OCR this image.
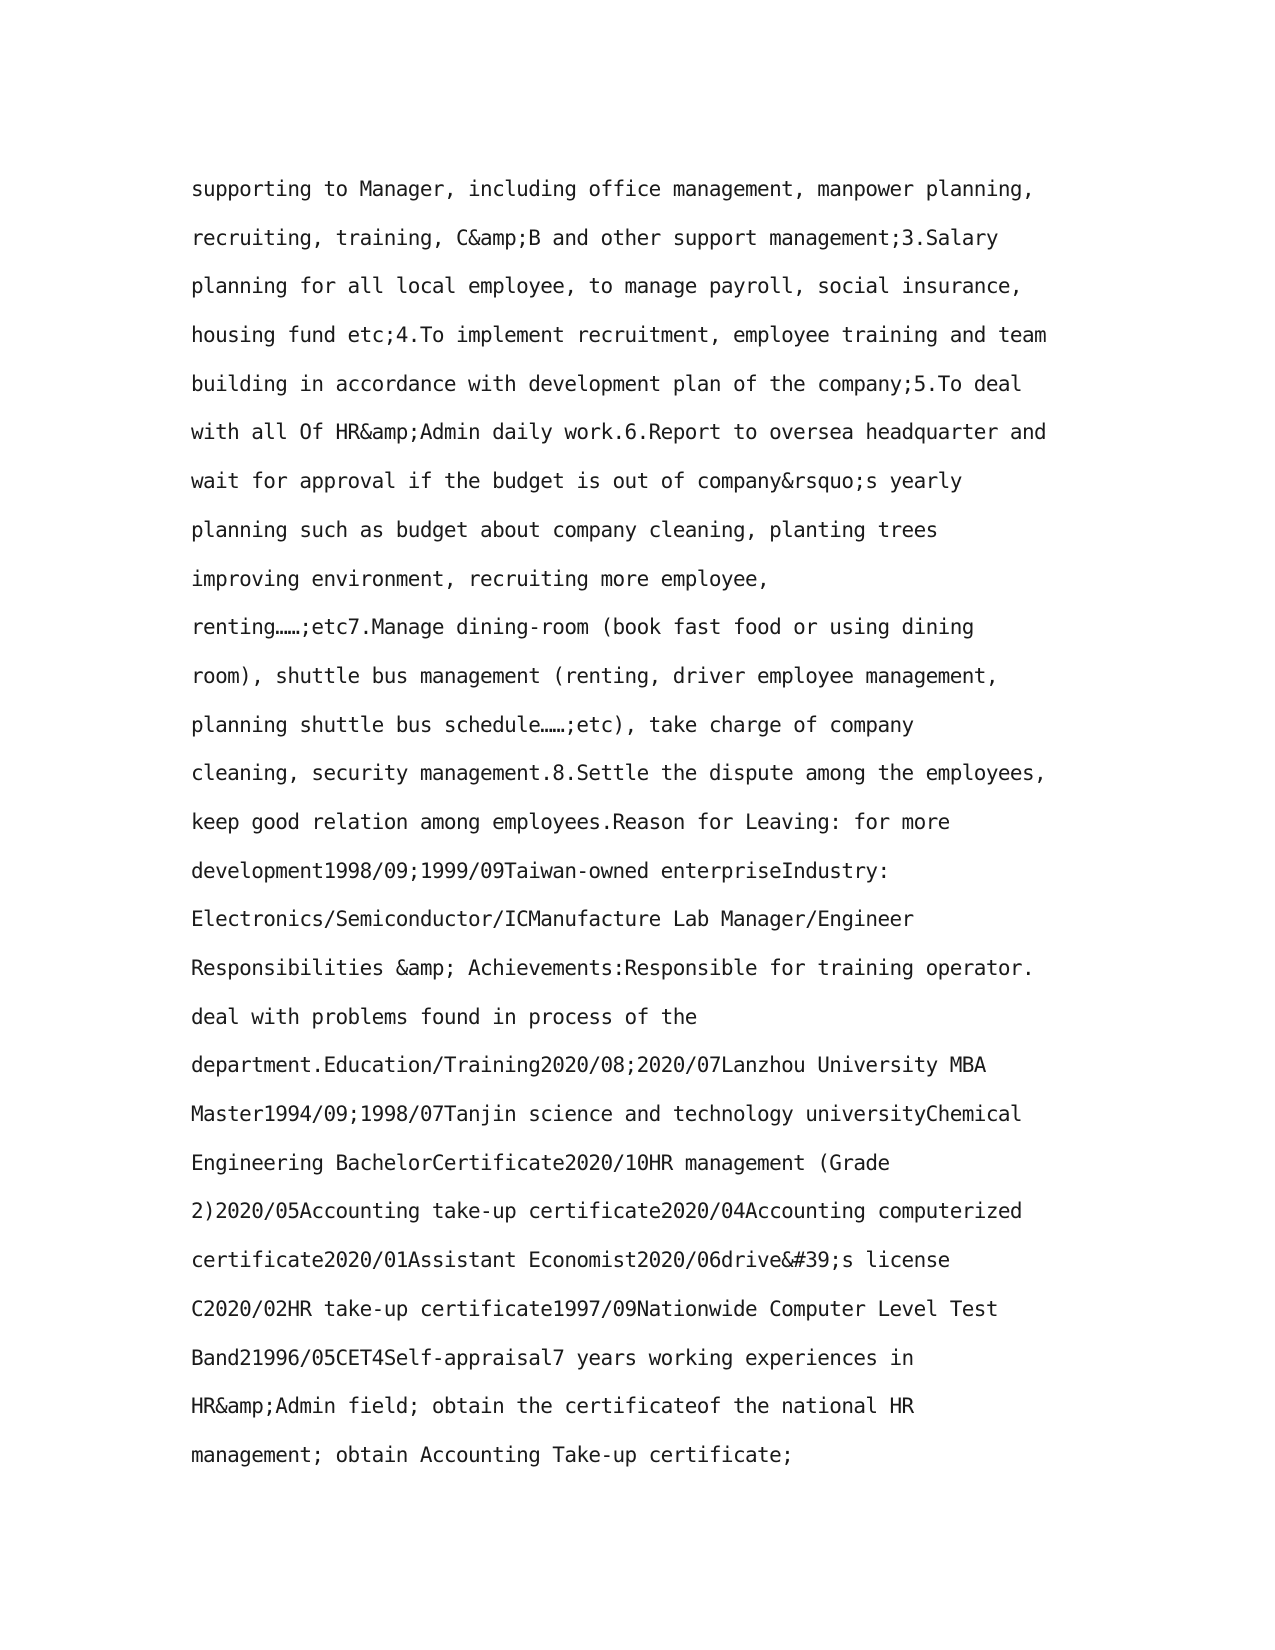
supporting to Manager, including office management, manpower planning,
recruiting, training, C&amp;B and other support management;3.Salary
planning for all local employee, to manage payroll, social insurance,
housing fund etc;4.To implement recruitment, employee training and team
building in accordance with development plan of the company;5.To deal
with all Of HR&amp;Admin daily work.6.Report to oversea headquarter and
wait for approval if the budget is out of company&rsquo;s yearly
planning such as budget about company cleaning, planting trees
improving environment, recruiting more employee,
renting……;etc7.Manage dining-room (book fast food or using dining
room), shuttle bus management (renting, driver employee management,
planning shuttle bus schedule……;etc), take charge of company
cleaning, security management.8.Settle the dispute among the employees,
keep good relation among employees.Reason for Leaving: for more
development1998/09;1999/09Taiwan-owned enterpriseIndustry:
Electronics/Semiconductor/ICManufacture Lab Manager/Engineer
Responsibilities &amp; Achievements:Responsible for training operator.
deal with problems found in process of the
department.Education/Training2020/08;2020/07Lanzhou University MBA
Master1994/09;1998/07Tanjin science and technology universityChemical
Engineering BachelorCertificate2020/10HR management (Grade
2)2020/05Accounting take-up certificate2020/04Accounting computerized
certificate2020/01Assistant Economist2020/06drive&#39;s license
C2020/02HR take-up certificate1997/09Nationwide Computer Level Test
Band21996/05CET4Self-appraisal7 years working experiences in
HR&amp;Admin field; obtain the certificateof the national HR
management; obtain Accounting Take-up certificate;
